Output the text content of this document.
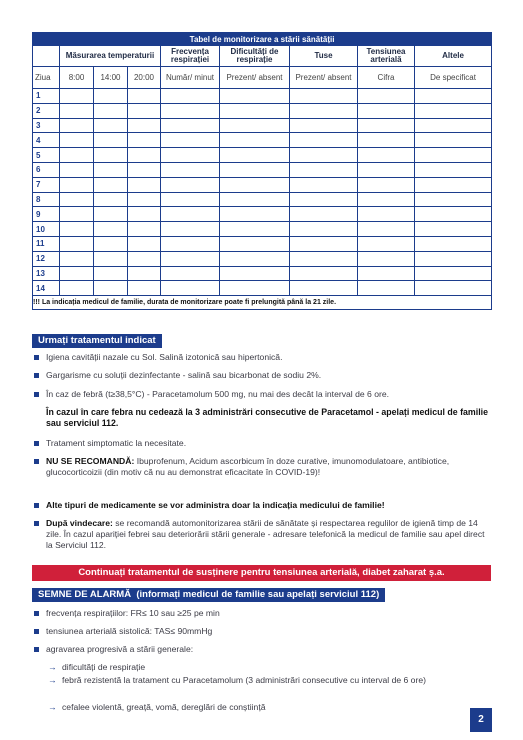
Tabel de monitorizare a stării sănătății								
	Măsurarea temperaturii			Frecvența respirației	Dificultăți de respirație	Tuse	Tensiunea arterială	Altele
Ziua	8:00	14:00	20:00	Număr/ minut	Prezent/ absent	Prezent/ absent	Cifra	De specificat
1								
2								
3								
4								
5								
6								
7								
8								
9								
10								
11								
12								
13								
14								
!!! La indicația medicul de familie, durata de monitorizare poate fi prelungită până la 21 zile.								
Urmați tratamentul indicat
Igiena cavității nazale cu Sol. Salină izotonică sau hipertonică.
Gargarisme cu soluții dezinfectante - salină sau bicarbonat de sodiu 2%.
În caz de febră (t≥38,5°C) - Paracetamolum 500 mg, nu mai des decât la interval de 6 ore.
În cazul în care febra nu cedează la 3 administrări consecutive de Paracetamol - apelați medicul de familie sau serviciul 112.
Tratament simptomatic la necesitate.
NU SE RECOMANDĂ: Ibuprofenum, Acidum ascorbicum în doze curative, imunomodulatoare, antibiotice, glucocorticoizii (din motiv că nu au demonstrat eficacitate în COVID-19)!
Alte tipuri de medicamente se vor administra doar la indicația medicului de familie!
După vindecare: se recomandă automonitorizarea stării de sănătate și respectarea regulilor de igienă timp de 14 zile. În cazul apariției febrei sau deteriorării stării generale - adresare telefonică la medicul de familie sau apel direct la Serviciul 112.
Continuați tratamentul de susținere pentru tensiunea arterială, diabet zaharat ș.a.
SEMNE DE ALARMĂ (informați medicul de familie sau apelați serviciul 112)
frecvența respirațiilor: FR≤ 10 sau ≥25 pe min
tensiunea arterială sistolică: TAS≤ 90mmHg
agravarea progresivă a stării generale:
→ dificultăți de respirație
→ febră rezistentă la tratament cu Paracetamolum (3 administrări consecutive cu interval de 6 ore)
→ cefalee violentă, greață, vomă, dereglări de conștiință
2
